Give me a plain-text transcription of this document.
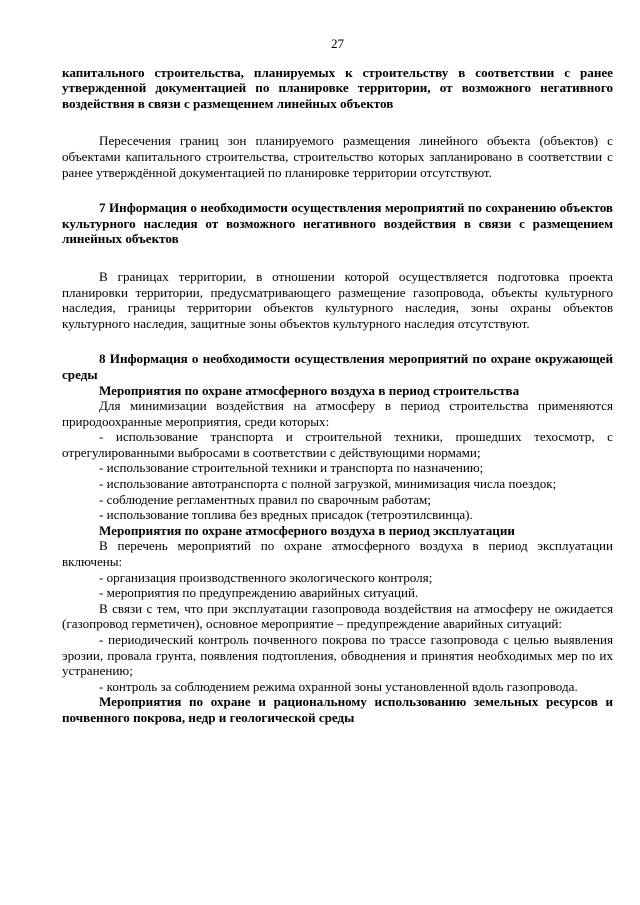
27

капитального строительства, планируемых к строительству в соответствии с ранее утвержденной документацией по планировке территории, от возможного негативного воздействия в связи с размещением линейных объектов

Пересечения границ зон планируемого размещения линейного объекта (объектов) с объектами капитального строительства, строительство которых запланировано в соответствии с ранее утверждённой документацией по планировке территории отсутствуют.

7 Информация о необходимости осуществления мероприятий по сохранению объектов культурного наследия от возможного негативного воздействия в связи с размещением линейных объектов

В границах территории, в отношении которой осуществляется подготовка проекта планировки территории, предусматривающего размещение газопровода, объекты культурного наследия, границы территории объектов культурного наследия, зоны охраны объектов культурного наследия, защитные зоны объектов культурного наследия отсутствуют.

8 Информация о необходимости осуществления мероприятий по охране окружающей среды

Мероприятия по охране атмосферного воздуха в период строительства

Для минимизации воздействия на атмосферу в период строительства применяются природоохранные мероприятия, среди которых:

- использование транспорта и строительной техники, прошедших техосмотр, с отрегулированными выбросами в соответствии с действующими нормами;

- использование строительной техники и транспорта по назначению;

- использование автотранспорта с полной загрузкой, минимизация числа поездок;

- соблюдение регламентных правил по сварочным работам;

- использование топлива без вредных присадок (тетроэтилсвинца).

Мероприятия по охране атмосферного воздуха в период эксплуатации

В перечень мероприятий по охране атмосферного воздуха в период эксплуатации включены:

- организация производственного экологического контроля;

- мероприятия по предупреждению аварийных ситуаций.

В связи с тем, что при эксплуатации газопровода воздействия на атмосферу не ожидается (газопровод герметичен), основное мероприятие – предупреждение аварийных ситуаций:

- периодический контроль почвенного покрова по трассе газопровода с целью выявления эрозии, провала грунта, появления подтопления, обводнения и принятия необходимых мер по их устранению;

- контроль за соблюдением режима охранной зоны установленной вдоль газопровода.

Мероприятия по охране и рациональному использованию земельных ресурсов и почвенного покрова, недр и геологической среды
